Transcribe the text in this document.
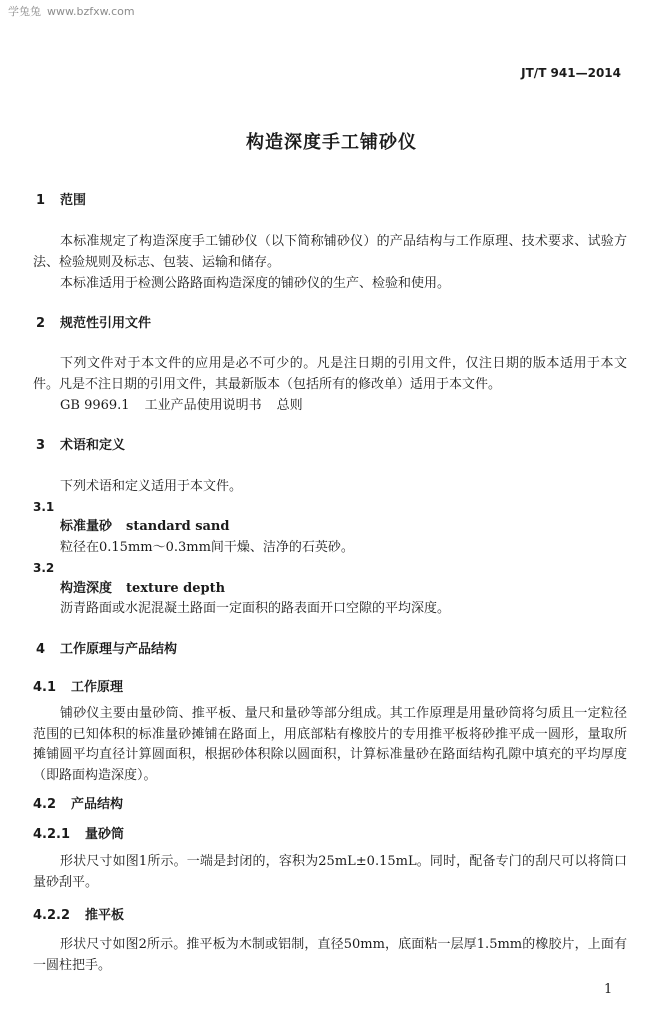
学兔兔 www.bzfxw.com
JT/T 941—2014
构造深度手工铺砂仪
1 范围
本标准规定了构造深度手工铺砂仪（以下简称铺砂仪）的产品结构与工作原理、技术要求、试验方
法、检验规则及标志、包装、运输和储存。
本标准适用于检测公路路面构造深度的铺砂仪的生产、检验和使用。
2 规范性引用文件
下列文件对于本文件的应用是必不可少的。凡是注日期的引用文件，仅注日期的版本适用于本文
件。凡是不注日期的引用文件，其最新版本（包括所有的修改单）适用于本文件。
GB 9969.1 工业产品使用说明书 总则
3 术语和定义
下列术语和定义适用于本文件。
3.1
标准量砂 standard sand
粒径在0.15mm～0.3mm间干燥、洁净的石英砂。
3.2
构造深度 texture depth
沥青路面或水泥混凝土路面一定面积的路表面开口空隙的平均深度。
4 工作原理与产品结构
4.1 工作原理
铺砂仪主要由量砂筒、推平板、量尺和量砂等部分组成。其工作原理是用量砂筒将匀质且一定粒径
范围的已知体积的标准量砂摊铺在路面上，用底部粘有橡胶片的专用推平板将砂推平成一圆形，量取所
摊铺圆平均直径计算圆面积，根据砂体积除以圆面积，计算标准量砂在路面结构孔隙中填充的平均厚度
（即路面构造深度）。
4.2 产品结构
4.2.1 量砂筒
形状尺寸如图1所示。一端是封闭的，容积为25mL±0.15mL。同时，配备专门的刮尺可以将筒口
量砂刮平。
4.2.2 推平板
形状尺寸如图2所示。推平板为木制或铝制，直径50mm，底面粘一层厚1.5mm的橡胶片，上面有
一圆柱把手。
1
